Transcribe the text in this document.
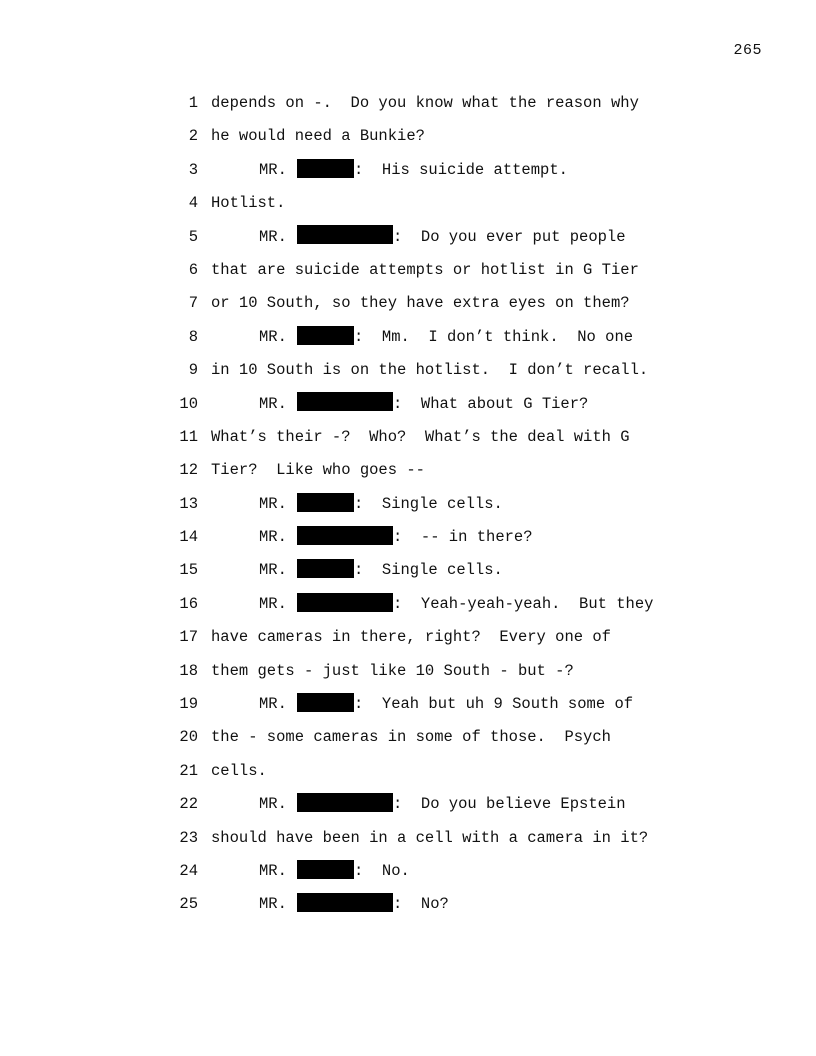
265
1 depends on -.  Do you know what the reason why
2 he would need a Bunkie?
3	MR.	:  His suicide attempt.
4 Hotlist.
5	MR.	:  Do you ever put people
6 that are suicide attempts or hotlist in G Tier
7 or 10 South, so they have extra eyes on them?
8	MR.	:  Mm.  I don’t think.  No one
9 in 10 South is on the hotlist.  I don’t recall.
10	MR.	:  What about G Tier?
11 What’s their -?  Who?  What’s the deal with G
12 Tier?  Like who goes --
13	MR.	:  Single cells.
14	MR.	:  -- in there?
15	MR.	:  Single cells.
16	MR.	:  Yeah-yeah-yeah.  But they
17 have cameras in there, right?  Every one of
18 them gets - just like 10 South - but -?
19	MR.	:  Yeah but uh 9 South some of
20 the - some cameras in some of those.  Psych
21 cells.
22	MR.	:  Do you believe Epstein
23 should have been in a cell with a camera in it?
24	MR.	:  No.
25	MR.	:  No?
